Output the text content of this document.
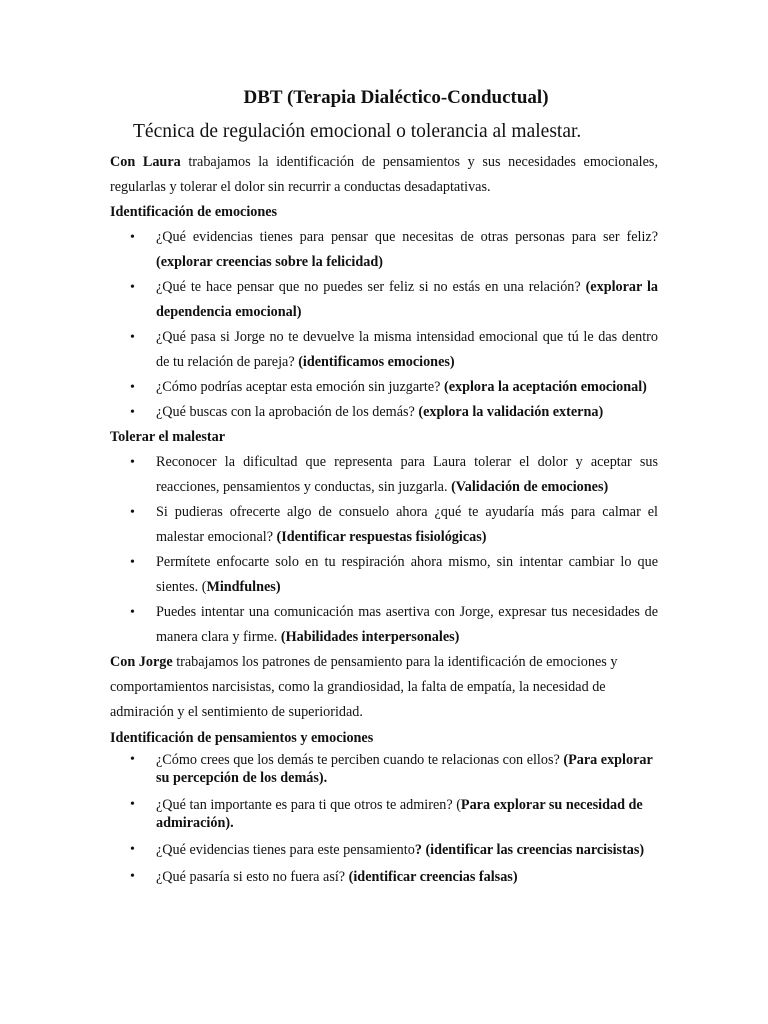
DBT (Terapia Dialéctico-Conductual)
Técnica de regulación emocional o tolerancia al malestar.
Con Laura trabajamos la identificación de pensamientos y sus necesidades emocionales, regularlas y tolerar el dolor sin recurrir a conductas desadaptativas.
Identificación de emociones
• ¿Qué evidencias tienes para pensar que necesitas de otras personas para ser feliz? (explorar creencias sobre la felicidad)
• ¿Qué te hace pensar que no puedes ser feliz si no estás en una relación? (explorar la dependencia emocional)
• ¿Qué pasa si Jorge no te devuelve la misma intensidad emocional que tú le das dentro de tu relación de pareja? (identificamos emociones)
• ¿Cómo podrías aceptar esta emoción sin juzgarte? (explora la aceptación emocional)
• ¿Qué buscas con la aprobación de los demás? (explora la validación externa)
Tolerar el malestar
• Reconocer la dificultad que representa para Laura tolerar el dolor y aceptar sus reacciones, pensamientos y conductas, sin juzgarla. (Validación de emociones)
• Si pudieras ofrecerte algo de consuelo ahora ¿qué te ayudaría más para calmar el malestar emocional? (Identificar respuestas fisiológicas)
• Permítete enfocarte solo en tu respiración ahora mismo, sin intentar cambiar lo que sientes. (Mindfulnes)
• Puedes intentar una comunicación mas asertiva con Jorge, expresar tus necesidades de manera clara y firme. (Habilidades interpersonales)
Con Jorge trabajamos los patrones de pensamiento para la identificación de emociones y comportamientos narcisistas, como la grandiosidad, la falta de empatía, la necesidad de admiración y el sentimiento de superioridad.
Identificación de pensamientos y emociones
• ¿Cómo crees que los demás te perciben cuando te relacionas con ellos? (Para explorar su percepción de los demás).
• ¿Qué tan importante es para ti que otros te admiren? (Para explorar su necesidad de admiración).
• ¿Qué evidencias tienes para este pensamiento? (identificar las creencias narcisistas)
• ¿Qué pasaría si esto no fuera así? (identificar creencias falsas)
